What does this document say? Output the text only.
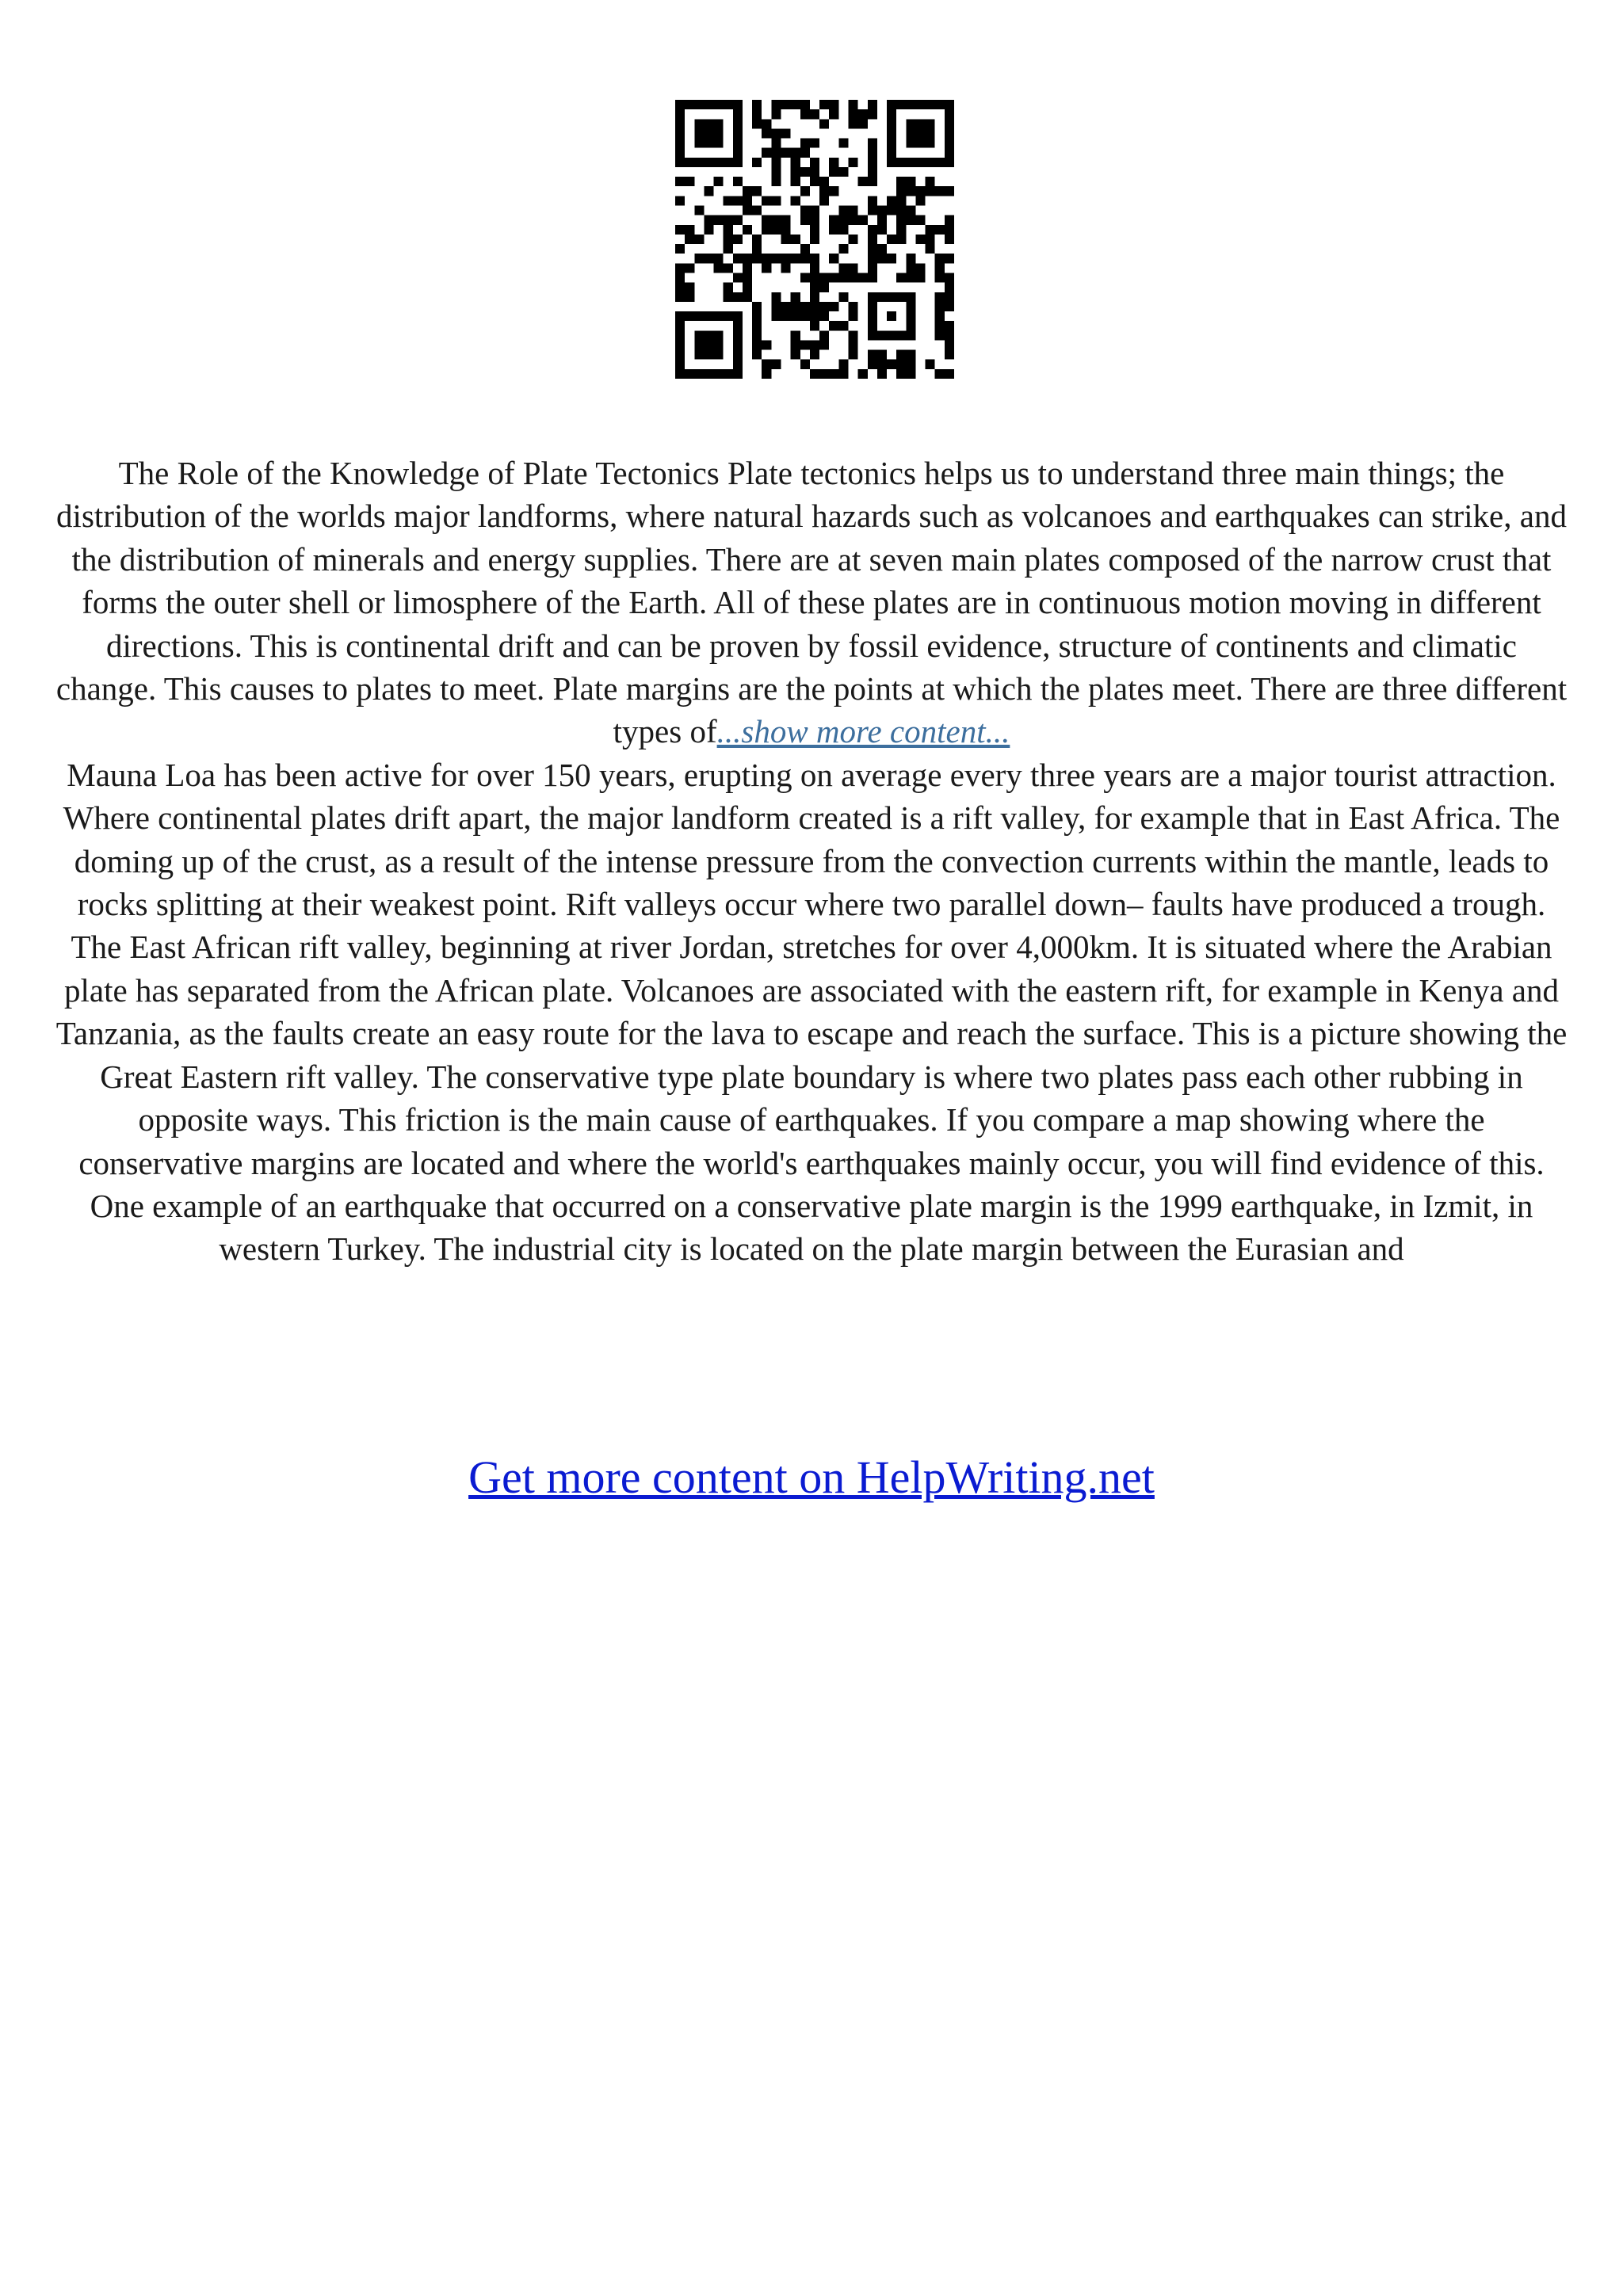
The Role of the Knowledge of Plate Tectonics Plate tectonics helps us to understand three main things; the distribution of the worlds major landforms, where natural hazards such as volcanoes and earthquakes can strike, and the distribution of minerals and energy supplies. There are at seven main plates composed of the narrow crust that forms the outer shell or limosphere of the Earth. All of these plates are in continuous motion moving in different directions. This is continental drift and can be proven by fossil evidence, structure of continents and climatic change. This causes to plates to meet. Plate margins are the points at which the plates meet. There are three different types of...show more content...

Mauna Loa has been active for over 150 years, erupting on average every three years are a major tourist attraction. Where continental plates drift apart, the major landform created is a rift valley, for example that in East Africa. The doming up of the crust, as a result of the intense pressure from the convection currents within the mantle, leads to rocks splitting at their weakest point. Rift valleys occur where two parallel down– faults have produced a trough. The East African rift valley, beginning at river Jordan, stretches for over 4,000km. It is situated where the Arabian plate has separated from the African plate. Volcanoes are associated with the eastern rift, for example in Kenya and Tanzania, as the faults create an easy route for the lava to escape and reach the surface. This is a picture showing the Great Eastern rift valley. The conservative type plate boundary is where two plates pass each other rubbing in opposite ways. This friction is the main cause of earthquakes. If you compare a map showing where the conservative margins are located and where the world's earthquakes mainly occur, you will find evidence of this. One example of an earthquake that occurred on a conservative plate margin is the 1999 earthquake, in Izmit, in western Turkey. The industrial city is located on the plate margin between the Eurasian and

Get more content on HelpWriting.net
